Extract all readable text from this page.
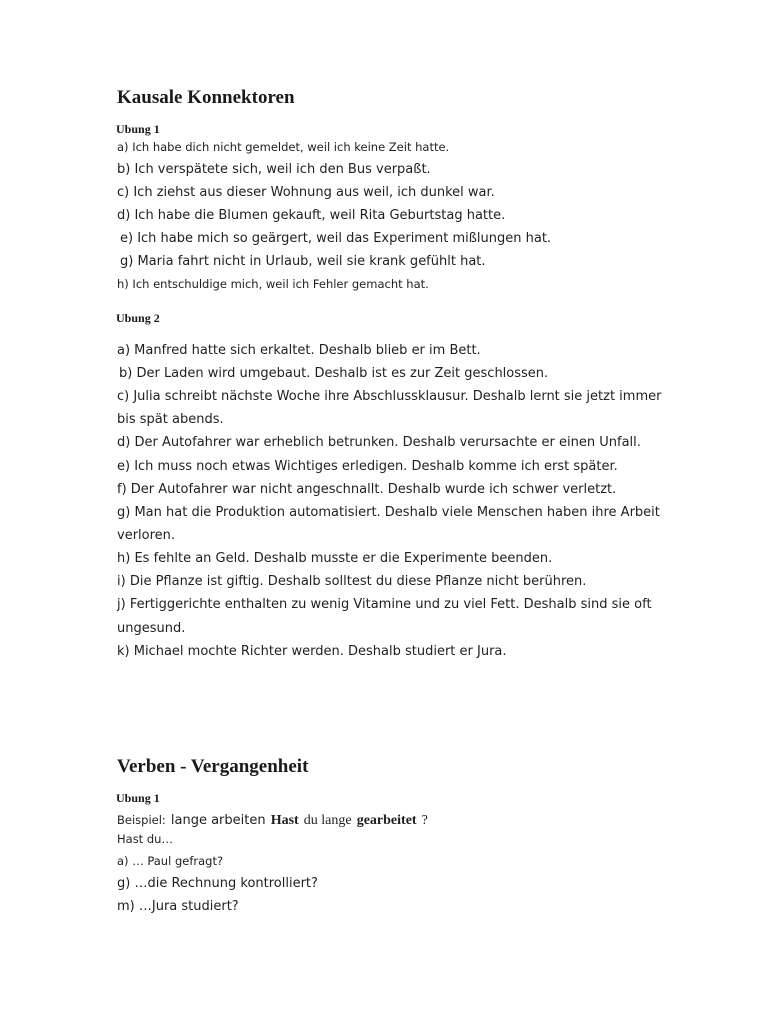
Kausale Konnektoren
Ubung 1
a) Ich habe dich nicht gemeldet, weil ich keine Zeit hatte.
b) Ich verspätete sich, weil ich den Bus verpaßt.
c) Ich ziehst aus dieser Wohnung aus weil, ich dunkel war.
d) Ich habe die Blumen gekauft, weil Rita Geburtstag hatte.
e) Ich habe mich so geärgert, weil das Experiment mißlungen hat.
g) Maria fahrt nicht in Urlaub, weil sie krank gefühlt hat.
h) Ich entschuldige mich, weil ich Fehler gemacht hat.
Ubung 2
a) Manfred hatte sich erkaltet. Deshalb blieb er im Bett.
b) Der Laden wird umgebaut. Deshalb ist es zur Zeit geschlossen.
c) Julia schreibt nächste Woche ihre Abschlussklausur. Deshalb lernt sie jetzt immer
bis spät abends.
d) Der Autofahrer war erheblich betrunken. Deshalb verursachte er einen Unfall.
e) Ich muss noch etwas Wichtiges erledigen. Deshalb komme ich erst später.
f) Der Autofahrer war nicht angeschnallt. Deshalb wurde ich schwer verletzt.
g) Man hat die Produktion automatisiert. Deshalb viele Menschen haben ihre Arbeit
verloren.
h) Es fehlte an Geld. Deshalb musste er die Experimente beenden.
i) Die Pflanze ist giftig. Deshalb solltest du diese Pflanze nicht berühren.
j) Fertiggerichte enthalten zu wenig Vitamine und zu viel Fett. Deshalb sind sie oft
ungesund.
k) Michael mochte Richter werden. Deshalb studiert er Jura.
Verben - Vergangenheit
Ubung 1
Beispiel: lange arbeiten Hast du lange gearbeitet ?
Hast du…
a) … Paul gefragt?
g) …die Rechnung kontrolliert?
m) …Jura studiert?
